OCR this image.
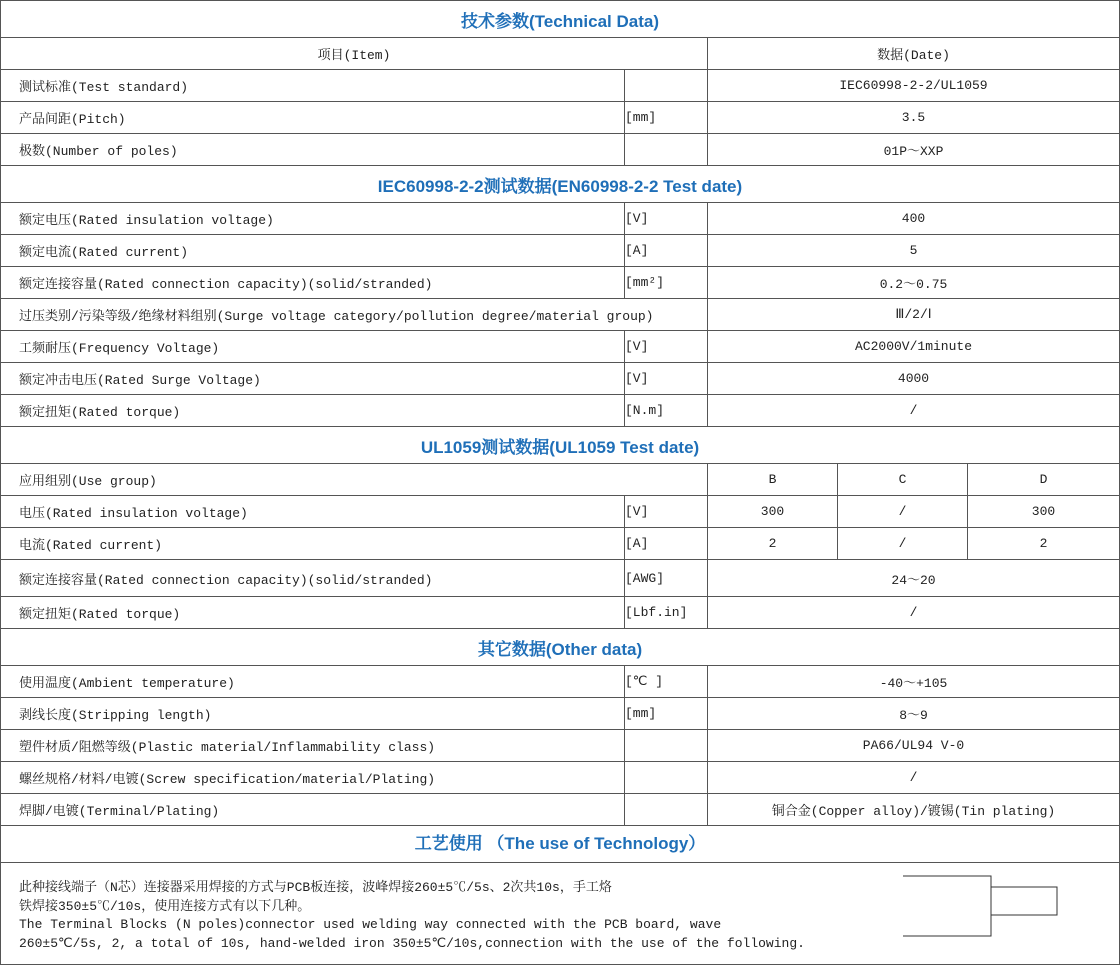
技术参数(Technical Data)				
项目(Item)		数据(Date)		
测试标准(Test standard)		IEC60998-2-2/UL1059		
产品间距(Pitch)	[mm]	3.5		
极数(Number of poles)		01P～XXP		
IEC60998-2-2测试数据(EN60998-2-2 Test date)				
额定电压(Rated insulation voltage)	[V]	400		
额定电流(Rated current)	[A]	5		
额定连接容量(Rated connection capacity)(solid/stranded)	[mm²]	0.2～0.75		
过压类别/污染等级/绝缘材料组别(Surge voltage category/pollution degree/material group)		Ⅲ/2/Ⅰ		
工频耐压(Frequency Voltage)	[V]	AC2000V/1minute		
额定冲击电压(Rated Surge Voltage)	[V]	4000		
额定扭矩(Rated torque)	[N.m]	/		
UL1059测试数据(UL1059 Test date)				
应用组别(Use group)		B	C	D
电压(Rated insulation voltage)	[V]	300	/	300
电流(Rated current)	[A]	2	/	2
额定连接容量(Rated connection capacity)(solid/stranded)	[AWG]	24～20		
额定扭矩(Rated torque)	[Lbf.in]	/		
其它数据(Other data)				
使用温度(Ambient temperature)	[℃ ]	-40～+105		
剥线长度(Stripping length)	[mm]	8～9		
塑件材质/阻燃等级(Plastic material/Inflammability class)		PA66/UL94 V-0		
螺丝规格/材料/电镀(Screw specification/material/Plating)		/		
焊脚/电镀(Terminal/Plating)		铜合金(Copper alloy)/镀锡(Tin plating)		

工艺使用 （The use of Technology）
此种接线端子（N芯）连接器采用焊接的方式与PCB板连接，波峰焊接260±5℃/5s、2次共10s，手工烙
铁焊接350±5℃/10s，使用连接方式有以下几种。
The Terminal Blocks (N poles)connector used welding way connected with the PCB board, wave
260±5℃/5s, 2, a total of 10s, hand-welded iron 350±5℃/10s,connection with the use of the following.				
